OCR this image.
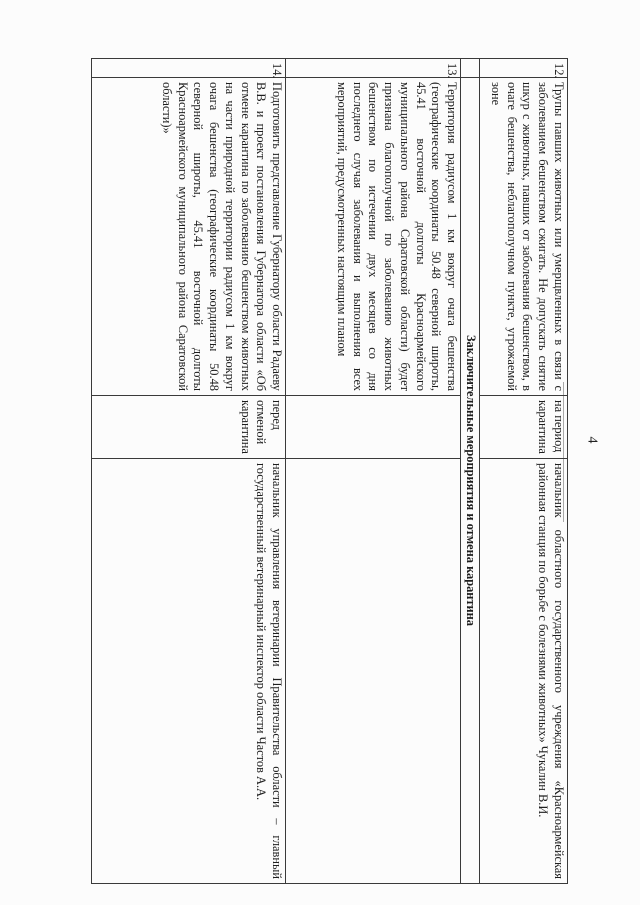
4
12.	Трупы павших животных или умерщвленных в связи с заболеванием бешенством сжигать. Не допускать снятие шкур с животных, павших от заболевания бешенством, в очаге бешенства, неблагополучном пункте, угрожаемой зоне	на период карантина	начальник областного государственного учреждения «Красноармейская районная станция по борьбе с болезнями животных» Чукалин В.И.
	Заключительные мероприятия и отмена карантина		
13.	Территория радиусом 1 км вокруг очага бешенства (географические координаты 50.48 северной широты, 45.41 восточной долготы Красноармейского муниципального района Саратовской области) будет признана благополучной по заболеванию животных бешенством по истечении двух месяцев со дня последнего случая заболевания и выполнения всех мероприятий, предусмотренных настоящим планом		
14.	Подготовить представление Губернатору области Радаеву В.В. и проект постановления Губернатора области «Об отмене карантина по заболеванию бешенством животных на части природной территории радиусом 1 км вокруг очага бешенства (географические координаты 50.48 северной широты, 45.41 восточной долготы Красноармейского муниципального района Саратовской области)»	перед отменой карантина	начальник управления ветеринарии Правительства области – главный государственный ветеринарный инспектор области Частов А.А.
